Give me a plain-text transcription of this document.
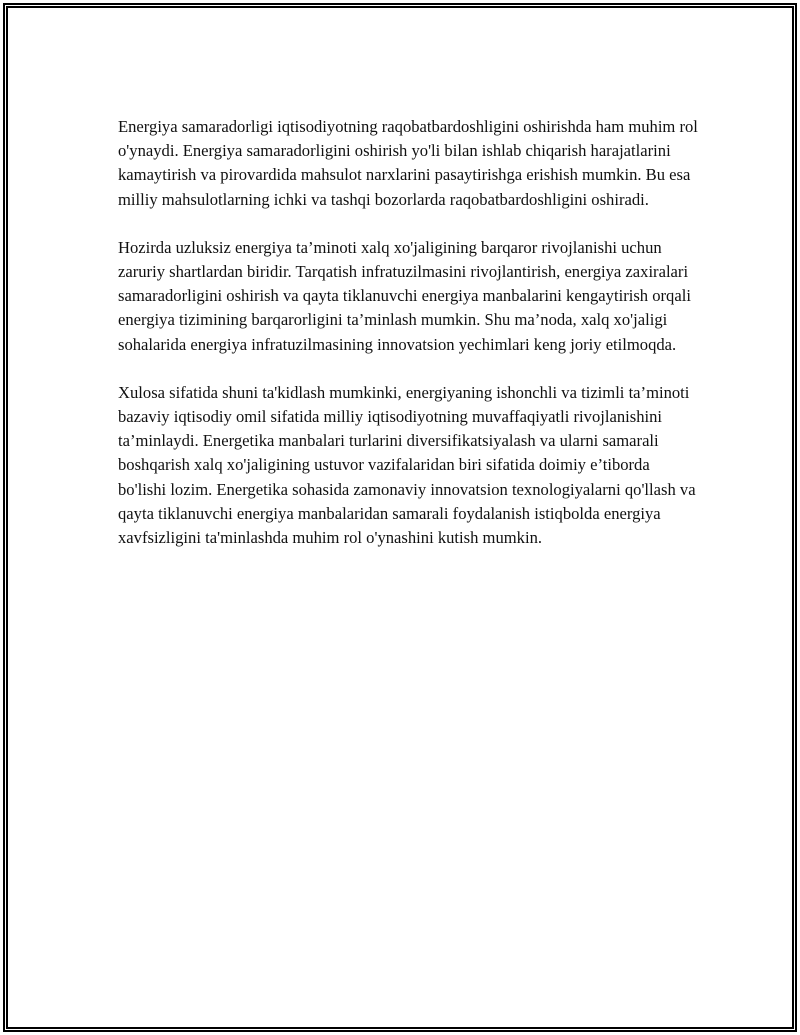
Energiya samaradorligi iqtisodiyotning raqobatbardoshligini oshirishda ham muhim rol o'ynaydi. Energiya samaradorligini oshirish yo'li bilan ishlab chiqarish harajatlarini kamaytirish va pirovardida mahsulot narxlarini pasaytirishga erishish mumkin. Bu esa milliy mahsulotlarning ichki va tashqi bozorlarda raqobatbardoshligini oshiradi.

Hozirda uzluksiz energiya ta’minoti xalq xo'jaligining barqaror rivojlanishi uchun zaruriy shartlardan biridir. Tarqatish infratuzilmasini rivojlantirish, energiya zaxiralari samaradorligini oshirish va qayta tiklanuvchi energiya manbalarini kengaytirish orqali energiya tizimining barqarorligini ta’minlash mumkin. Shu ma’noda, xalq xo'jaligi sohalarida energiya infratuzilmasining innovatsion yechimlari keng joriy etilmoqda.

Xulosa sifatida shuni ta'kidlash mumkinki, energiyaning ishonchli va tizimli ta’minoti bazaviy iqtisodiy omil sifatida milliy iqtisodiyotning muvaffaqiyatli rivojlanishini ta’minlaydi. Energetika manbalari turlarini diversifikatsiyalash va ularni samarali boshqarish xalq xo'jaligining ustuvor vazifalaridan biri sifatida doimiy e’tiborda bo'lishi lozim. Energetika sohasida zamonaviy innovatsion texnologiyalarni qo'llash va qayta tiklanuvchi energiya manbalaridan samarali foydalanish istiqbolda energiya xavfsizligini ta'minlashda muhim rol o'ynashini kutish mumkin.
